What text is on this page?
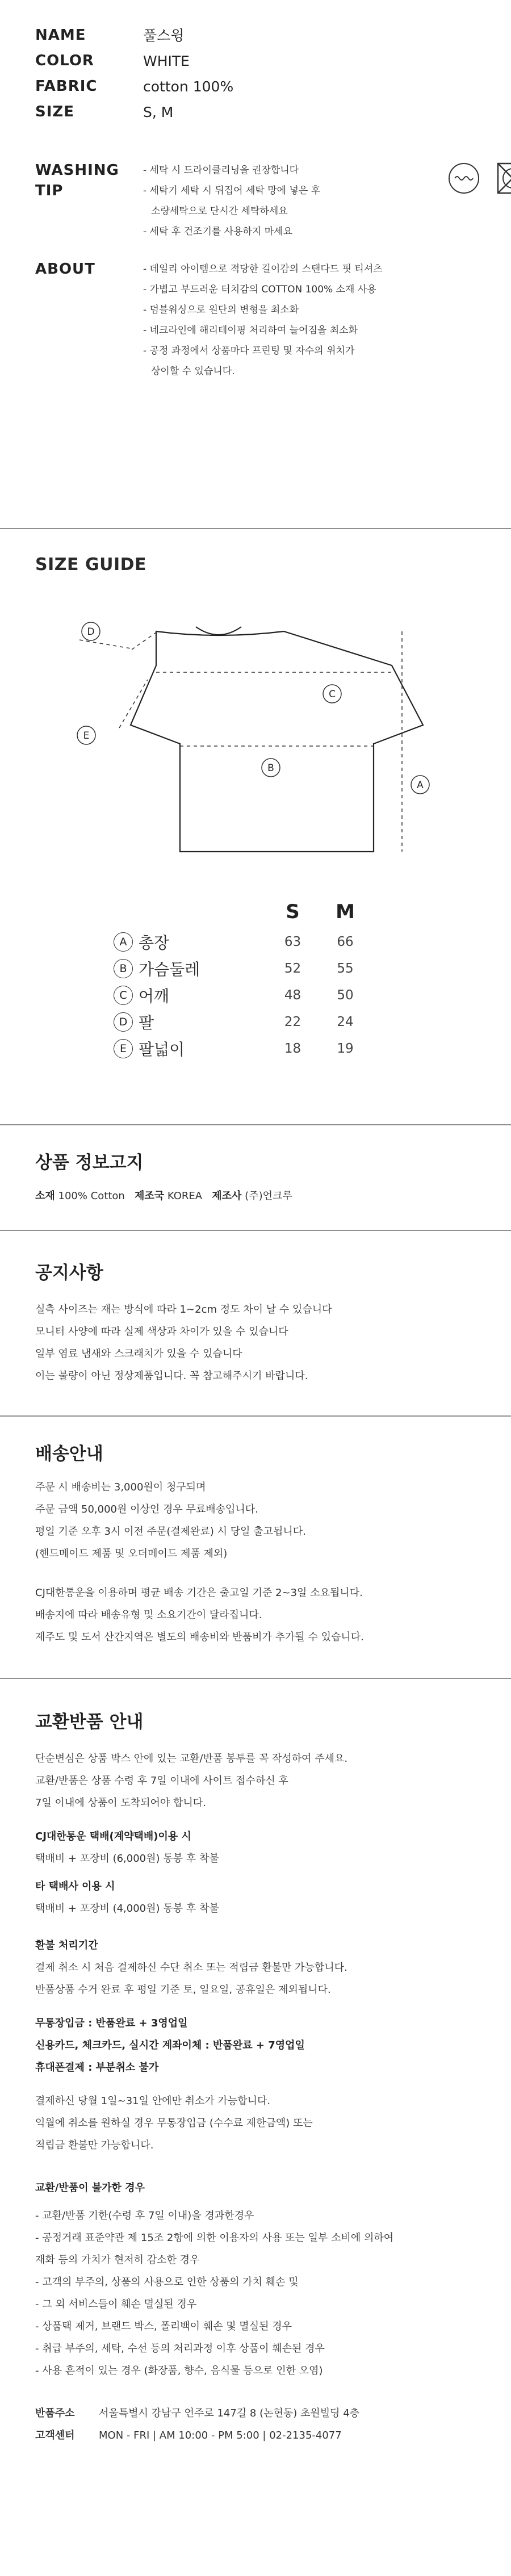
NAME	풀스윙
COLOR	WHITE
FABRIC	cotton 100%
SIZE	S, M
WASHING
TIP
- 세탁 시 드라이클리닝을 권장합니다
- 세탁기 세탁 시 뒤집어 세탁 망에 넣은 후
소량세탁으로 단시간 세탁하세요
- 세탁 후 건조기를 사용하지 마세요
ABOUT	- 데일리 아이템으로 적당한 길이감의 스탠다드 핏 티셔츠
- 가볍고 부드러운 터치감의 COTTON 100% 소재 사용
- 덤블워싱으로 원단의 변형을 최소화
- 네크라인에 해리테이핑 처리하여 늘어짐을 최소화
- 공정 과정에서 상품마다 프린팅 및 자수의 위치가
상이할 수 있습니다.
SIZE GUIDE
D
C
E
B
A
S	M
A 총장	63	66
B 가슴둘레	52	55
C 어깨	48	50
D 팔	22	24
E 팔넓이	18	19
상품 정보고지
소재 100% Cotton 제조국 KOREA 제조사 (주)언크루
공지사항
실측 사이즈는 재는 방식에 따라 1~2cm 정도 차이 날 수 있습니다
모니터 사양에 따라 실제 색상과 차이가 있을 수 있습니다
일부 염료 냄새와 스크래치가 있을 수 있습니다
이는 불량이 아닌 정상제품입니다. 꼭 참고해주시기 바랍니다.
배송안내
주문 시 배송비는 3,000원이 청구되며
주문 금액 50,000원 이상인 경우 무료배송입니다.
평일 기준 오후 3시 이전 주문(결제완료) 시 당일 출고됩니다.
(핸드메이드 제품 및 오더메이드 제품 제외)
CJ대한통운을 이용하며 평균 배송 기간은 출고일 기준 2~3일 소요됩니다.
배송지에 따라 배송유형 및 소요기간이 달라집니다.
제주도 및 도서 산간지역은 별도의 배송비와 반품비가 추가될 수 있습니다.
교환반품 안내
단순변심은 상품 박스 안에 있는 교환/반품 봉투를 꼭 작성하여 주세요.
교환/반품은 상품 수령 후 7일 이내에 사이트 접수하신 후
7일 이내에 상품이 도착되어야 합니다.
CJ대한통운 택배(계약택배)이용 시
택배비 + 포장비 (6,000원) 동봉 후 착불
타 택배사 이용 시
택배비 + 포장비 (4,000원) 동봉 후 착불
환불 처리기간
결제 취소 시 처음 결제하신 수단 취소 또는 적립금 환불만 가능합니다.
반품상품 수거 완료 후 평일 기준 토, 일요일, 공휴일은 제외됩니다.
무통장입금 : 반품완료 + 3영업일
신용카드, 체크카드, 실시간 계좌이체 : 반품완료 + 7영업일
휴대폰결제 : 부분취소 불가
결제하신 당월 1일~31일 안에만 취소가 가능합니다.
익월에 취소를 원하실 경우 무통장입금 (수수료 제한금액) 또는
적립금 환불만 가능합니다.
교환/반품이 불가한 경우
- 교환/반품 기한(수령 후 7일 이내)을 경과한경우
- 공정거래 표준약관 제 15조 2항에 의한 이용자의 사용 또는 일부 소비에 의하여
재화 등의 가치가 현저히 감소한 경우
- 고객의 부주의, 상품의 사용으로 인한 상품의 가치 훼손 및
- 그 외 서비스들이 훼손 멸실된 경우
- 상품택 제거, 브랜드 박스, 폴리백이 훼손 및 멸실된 경우
- 취급 부주의, 세탁, 수선 등의 처리과정 이후 상품이 훼손된 경우
- 사용 흔적이 있는 경우 (화장품, 향수, 음식물 등으로 인한 오염)
반품주소	서울특별시 강남구 언주로 147길 8 (논현동) 초원빌딩 4층
고객센터	MON - FRI | AM 10:00 - PM 5:00 | 02-2135-4077
